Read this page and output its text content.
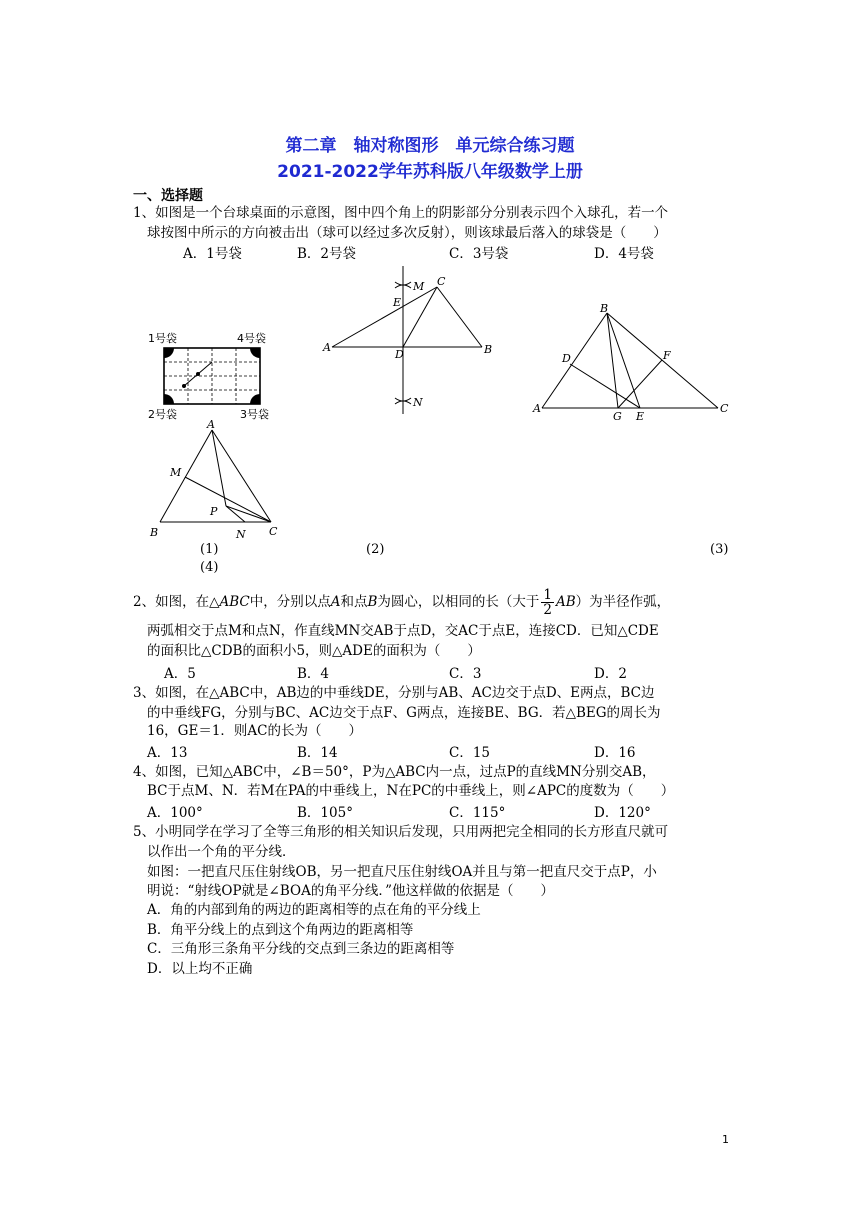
第二章　轴对称图形　单元综合练习题
2021-2022学年苏科版八年级数学上册
一、选择题
1、如图是一个台球桌面的示意图，图中四个角上的阴影部分分别表示四个入球孔，若一个
球按图中所示的方向被击出（球可以经过多次反射），则该球最后落入的球袋是（　　）
A．1号袋	B．2号袋	C．3号袋	D．4号袋
1号袋	4号袋
2号袋	3号袋
A	B
C
D
E
M
N	A
B
C
D
E
F
G
A
B	C
M
N
P
(1)	(2)	(3)
(4)
2、如图，在△ABC中，分别以点A和点B为圆心，以相同的长（大于 $\frac{1}{2} AB$）为半径作弧，
两弧相交于点M和点N，作直线MN交AB于点D，交AC于点E，连接CD．已知△CDE
的面积比△CDB的面积小5，则△ADE的面积为（　　）
A．5	B．4	C．3	D．2
3、如图，在△ABC中，AB边的中垂线DE，分别与AB、AC边交于点D、E两点，BC边
的中垂线FG，分别与BC、AC边交于点F、G两点，连接BE、BG．若△BEG的周长为
16，GE＝1．则AC的长为（　　）
A．13	B．14	C．15	D．16
4、如图，已知△ABC中，∠B＝50°，P为△ABC内一点，过点P的直线MN分别交AB，
BC于点M、N．若M在PA的中垂线上，N在PC的中垂线上，则∠APC的度数为（　　）
A．100°	B．105°	C．115°	D．120°
5、小明同学在学习了全等三角形的相关知识后发现，只用两把完全相同的长方形直尺就可
以作出一个角的平分线．
如图：一把直尺压住射线OB，另一把直尺压住射线OA并且与第一把直尺交于点P，小
明说：“射线OP就是∠BOA的角平分线．”他这样做的依据是（　　）
A．角的内部到角的两边的距离相等的点在角的平分线上
B．角平分线上的点到这个角两边的距离相等
C．三角形三条角平分线的交点到三条边的距离相等
D．以上均不正确
1
